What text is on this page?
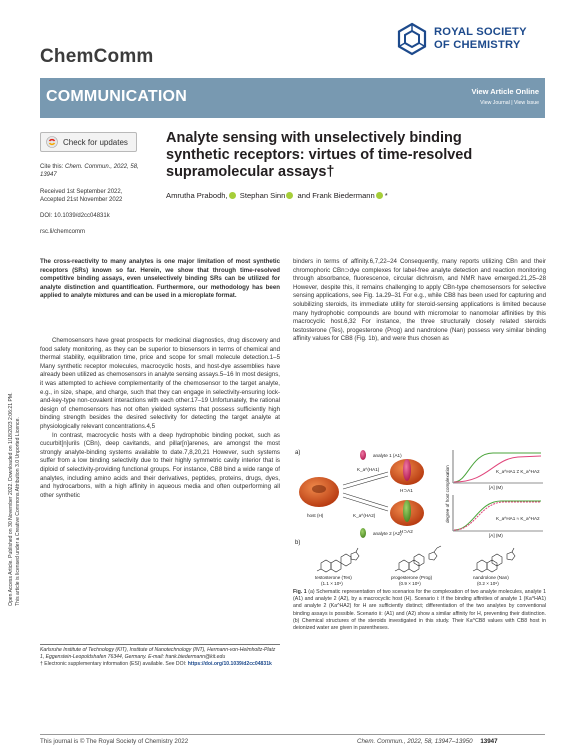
Open Access Article. Published on 30 November 2022. Downloaded on 1/18/2023 2:06:21 PM. This article is licensed under a Creative Commons Attribution 3.0 Unported Licence.
ChemComm
ROYAL SOCIETY
OF CHEMISTRY
COMMUNICATION	View Article Online
View Journal | View Issue
Check for updates
Cite this: Chem. Commun., 2022, 58, 13947
Received 1st September 2022,
Accepted 21st November 2022
DOI: 10.1039/d2cc04831k
rsc.li/chemcomm
Analyte sensing with unselectively binding synthetic receptors: virtues of time-resolved supramolecular assays†
Amrutha Prabodh, Stephan Sinn and Frank Biedermann *
The cross-reactivity to many analytes is one major limitation of most synthetic receptors (SRs) known so far. Herein, we show that through time-resolved competitive binding assays, even unselectively binding SRs can be utilized for analyte distinction and quantification. Furthermore, our methodology has been applied to analyte mixtures and can be used in a microplate format.

Chemosensors have great prospects for medicinal diagnostics, drug discovery and food safety monitoring, as they can be superior to biosensors in terms of chemical and thermal stability, equilibration time, price and scope for small molecule detection.1–5 Many synthetic receptor molecules, macrocyclic hosts, and host-dye assemblies have already been utilized as chemosensors in analyte sensing assays.5–16 In most designs, it was attempted to achieve complementarity of the chemosensor to the target analyte, e.g., in size, shape, and charge, such that they can engage in selectivity-ensuring lock-and-key-type non-covalent interactions with each other.17–19 Unfortunately, the rational design of chemosensors has not often yielded systems that possess sufficiently high binding strength besides the desired selectivity for detecting the target analyte at physiologically relevant concentrations.4,5

In contrast, macrocyclic hosts with a deep hydrophobic binding pocket, such as cucurbit[n]urils (CBn), deep cavitands, and pillar[n]arenes, are amongst the most strongly analyte-binding systems available to date.7,8,20,21 However, such systems suffer from a low binding selectivity due to their highly symmetric cavity interior that is diploid of selectivity-providing functional groups. For instance, CB8 bind a wide range of analytes, including amino acids and their derivatives, peptides, proteins, drugs, dyes, and hydrocarbons, with a high affinity in aqueous media and often outperforming all other synthetic

binders in terms of affinity.6,7,22–24 Consequently, many reports utilizing CBn and their chromophoric CBn⊃dye complexes for label-free analyte detection and reaction monitoring through absorbance, fluorescence, circular dichroism, and NMR have emerged.21,25–28 However, despite this, it remains challenging to apply CBn-type chemosensors for selective sensing applications, see Fig. 1a.29–31 For e.g., while CB8 has been used for capturing and solubilizing steroids, its immediate utility for steroid-sensing applications is limited because many hydrophobic compounds are bound with micromolar to nanomolar affinities by this macrocyclic host.6,32 For instance, the three structurally closely related steroids testosterone (Tes), progesterone (Prog) and nandrolone (Nan) possess very similar binding affinity values for CB8 (Fig. 1b), and were thus chosen as

Karlsruhe Institute of Technology (KIT), Institute of Nanotechnology (INT), Hermann-von-Helmholtz-Platz 1, Eggenstein-Leopoldshafen 76344, Germany. E-mail: frank.biedermann@kit.edu
† Electronic supplementary information (ESI) available. See DOI: https://doi.org/10.1039/d2cc04831k
a)
host (H)
analyte 1 (A1)
analyte 2 (A2)
K_a^(HA1)
K_a^(HA2)
H⊃A1
H⊃A2
degree of host complexation	K_a^HA1 ≠ K_a^HA2
[A] (M)
K_a^HA1 ≈ K_a^HA2
[A] (M)
b)
testosterone (Tes)
(1.1 × 10⁹)
progesterone (Prog)
(0.9 × 10⁹)
nandrolone (Nan)
(0.2 × 10⁹)
Fig. 1 (a) Schematic representation of two scenarios for the complexation of two analyte molecules, analyte 1 (A1) and analyte 2 (A2), by a macrocyclic host (H). Scenario i: If the binding affinities of analyte 1 (Ka^HA1) and analyte 2 (Ka^HA2) for H are sufficiently distinct; differentiation of the two analytes by conventional binding assays is possible. Scenario ii: (A1) and (A2) show a similar affinity for H, preventing their distinction. (b) Chemical structures of the steroids investigated in this study. Their Ka^CB8 values with CB8 host in deionized water are given in parentheses.
This journal is © The Royal Society of Chemistry 2022	Chem. Commun., 2022, 58, 13947–13950 13947
